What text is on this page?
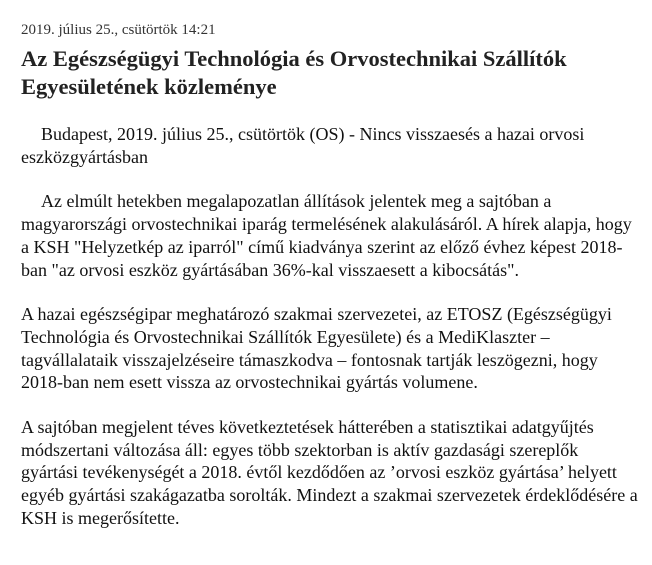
2019. július 25., csütörtök 14:21
Az Egészségügyi Technológia és Orvostechnikai Szállítók Egyesületének közleménye

Budapest, 2019. július 25., csütörtök (OS) - Nincs visszaesés a hazai orvosi eszközgyártásban

Az elmúlt hetekben megalapozatlan állítások jelentek meg a sajtóban a magyarországi orvostechnikai iparág termelésének alakulásáról. A hírek alapja, hogy a KSH "Helyzetkép az iparról" című kiadványa szerint az előző évhez képest 2018-ban "az orvosi eszköz gyártásában 36%-kal visszaesett a kibocsátás".

A hazai egészségipar meghatározó szakmai szervezetei, az ETOSZ (Egészségügyi Technológia és Orvostechnikai Szállítók Egyesülete) és a MediKlaszter – tagvállalataik visszajelzéseire támaszkodva – fontosnak tartják leszögezni, hogy 2018-ban nem esett vissza az orvostechnikai gyártás volumene.

A sajtóban megjelent téves következtetések hátterében a statisztikai adatgyűjtés módszertani változása áll: egyes több szektorban is aktív gazdasági szereplők gyártási tevékenységét a 2018. évtől kezdődően az ’orvosi eszköz gyártása’ helyett egyéb gyártási szakágazatba sorolták. Mindezt a szakmai szervezetek érdeklődésére a KSH is megerősítette.
